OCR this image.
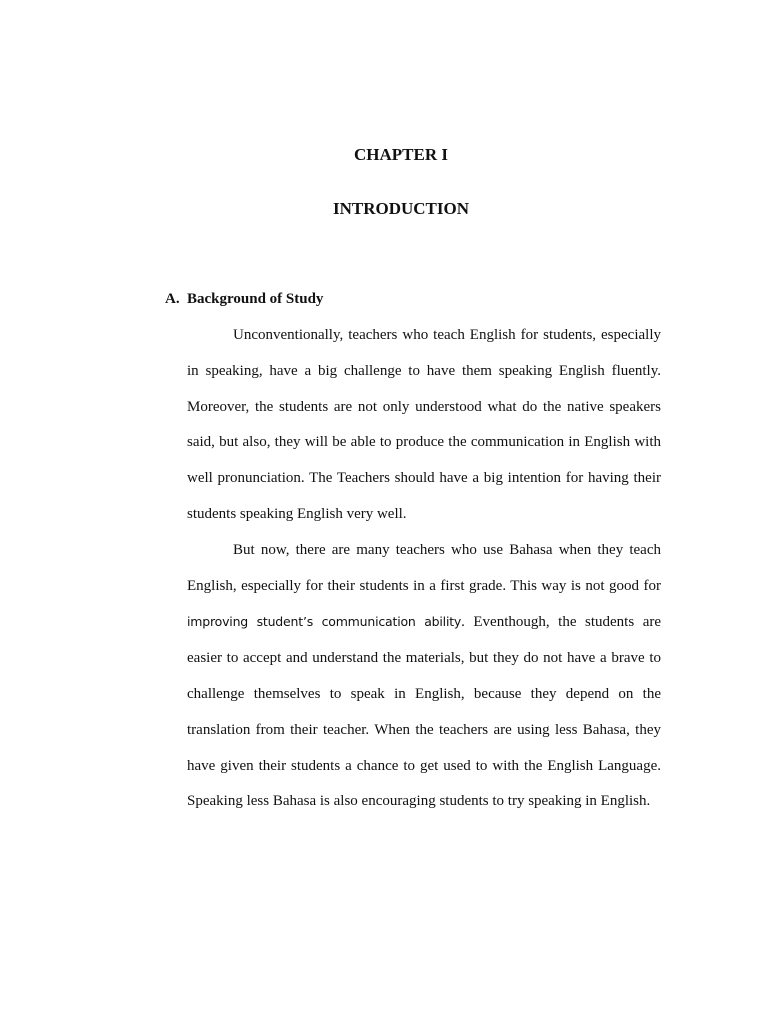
CHAPTER I
INTRODUCTION
A. Background of Study

Unconventionally, teachers who teach English for students, especially in speaking, have a big challenge to have them speaking English fluently. Moreover, the students are not only understood what do the native speakers said, but also, they will be able to produce the communication in English with well pronunciation. The Teachers should have a big intention for having their students speaking English very well.

But now, there are many teachers who use Bahasa when they teach English, especially for their students in a first grade. This way is not good for improving student’s communication ability. Eventhough, the students are easier to accept and understand the materials, but they do not have a brave to challenge themselves to speak in English, because they depend on the translation from their teacher. When the teachers are using less Bahasa, they have given their students a chance to get used to with the English Language. Speaking less Bahasa is also encouraging students to try speaking in English.
